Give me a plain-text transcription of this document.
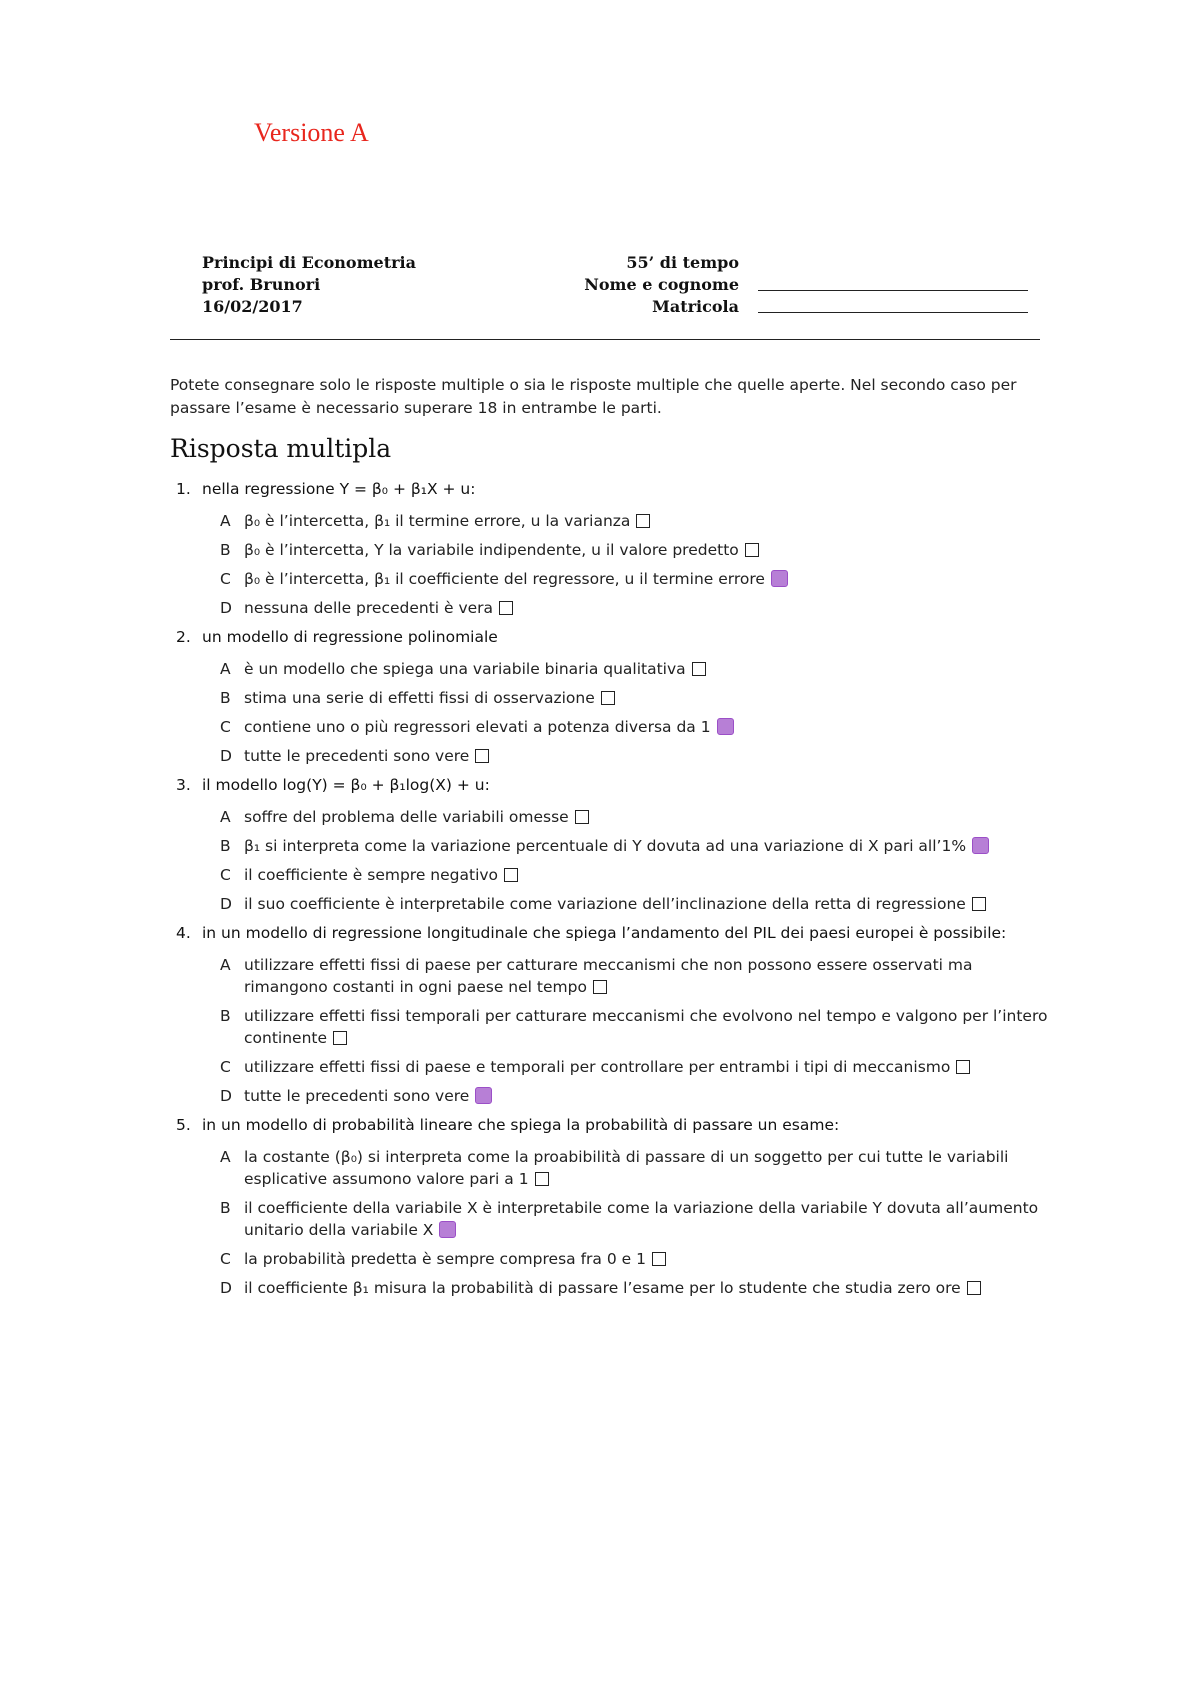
Versione A
Principi di Econometria
prof. Brunori
16/02/2017
55’ di tempo
Nome e cognome
Matricola
Potete consegnare solo le risposte multiple o sia le risposte multiple che quelle aperte. Nel secondo caso per passare l’esame è necessario superare 18 in entrambe le parti.
Risposta multipla
1. nella regressione Y = β₀ + β₁X + u:
A β₀ è l’intercetta, β₁ il termine errore, u la varianza
B β₀ è l’intercetta, Y la variabile indipendente, u il valore predetto
C β₀ è l’intercetta, β₁ il coefficiente del regressore, u il termine errore
D nessuna delle precedenti è vera
2. un modello di regressione polinomiale
A è un modello che spiega una variabile binaria qualitativa
B stima una serie di effetti fissi di osservazione
C contiene uno o più regressori elevati a potenza diversa da 1
D tutte le precedenti sono vere
3. il modello log(Y) = β₀ + β₁log(X) + u:
A soffre del problema delle variabili omesse
B β₁ si interpreta come la variazione percentuale di Y dovuta ad una variazione di X pari all’1%
C il coefficiente è sempre negativo
D il suo coefficiente è interpretabile come variazione dell’inclinazione della retta di regressione
4. in un modello di regressione longitudinale che spiega l’andamento del PIL dei paesi europei è possibile:
A utilizzare effetti fissi di paese per catturare meccanismi che non possono essere osservati ma rimangono costanti in ogni paese nel tempo
B utilizzare effetti fissi temporali per catturare meccanismi che evolvono nel tempo e valgono per l’intero continente
C utilizzare effetti fissi di paese e temporali per controllare per entrambi i tipi di meccanismo
D tutte le precedenti sono vere
5. in un modello di probabilità lineare che spiega la probabilità di passare un esame:
A la costante (β₀) si interpreta come la proabibilità di passare di un soggetto per cui tutte le variabili esplicative assumono valore pari a 1
B il coefficiente della variabile X è interpretabile come la variazione della variabile Y dovuta all’aumento unitario della variabile X
C la probabilità predetta è sempre compresa fra 0 e 1
D il coefficiente β₁ misura la probabilità di passare l’esame per lo studente che studia zero ore
